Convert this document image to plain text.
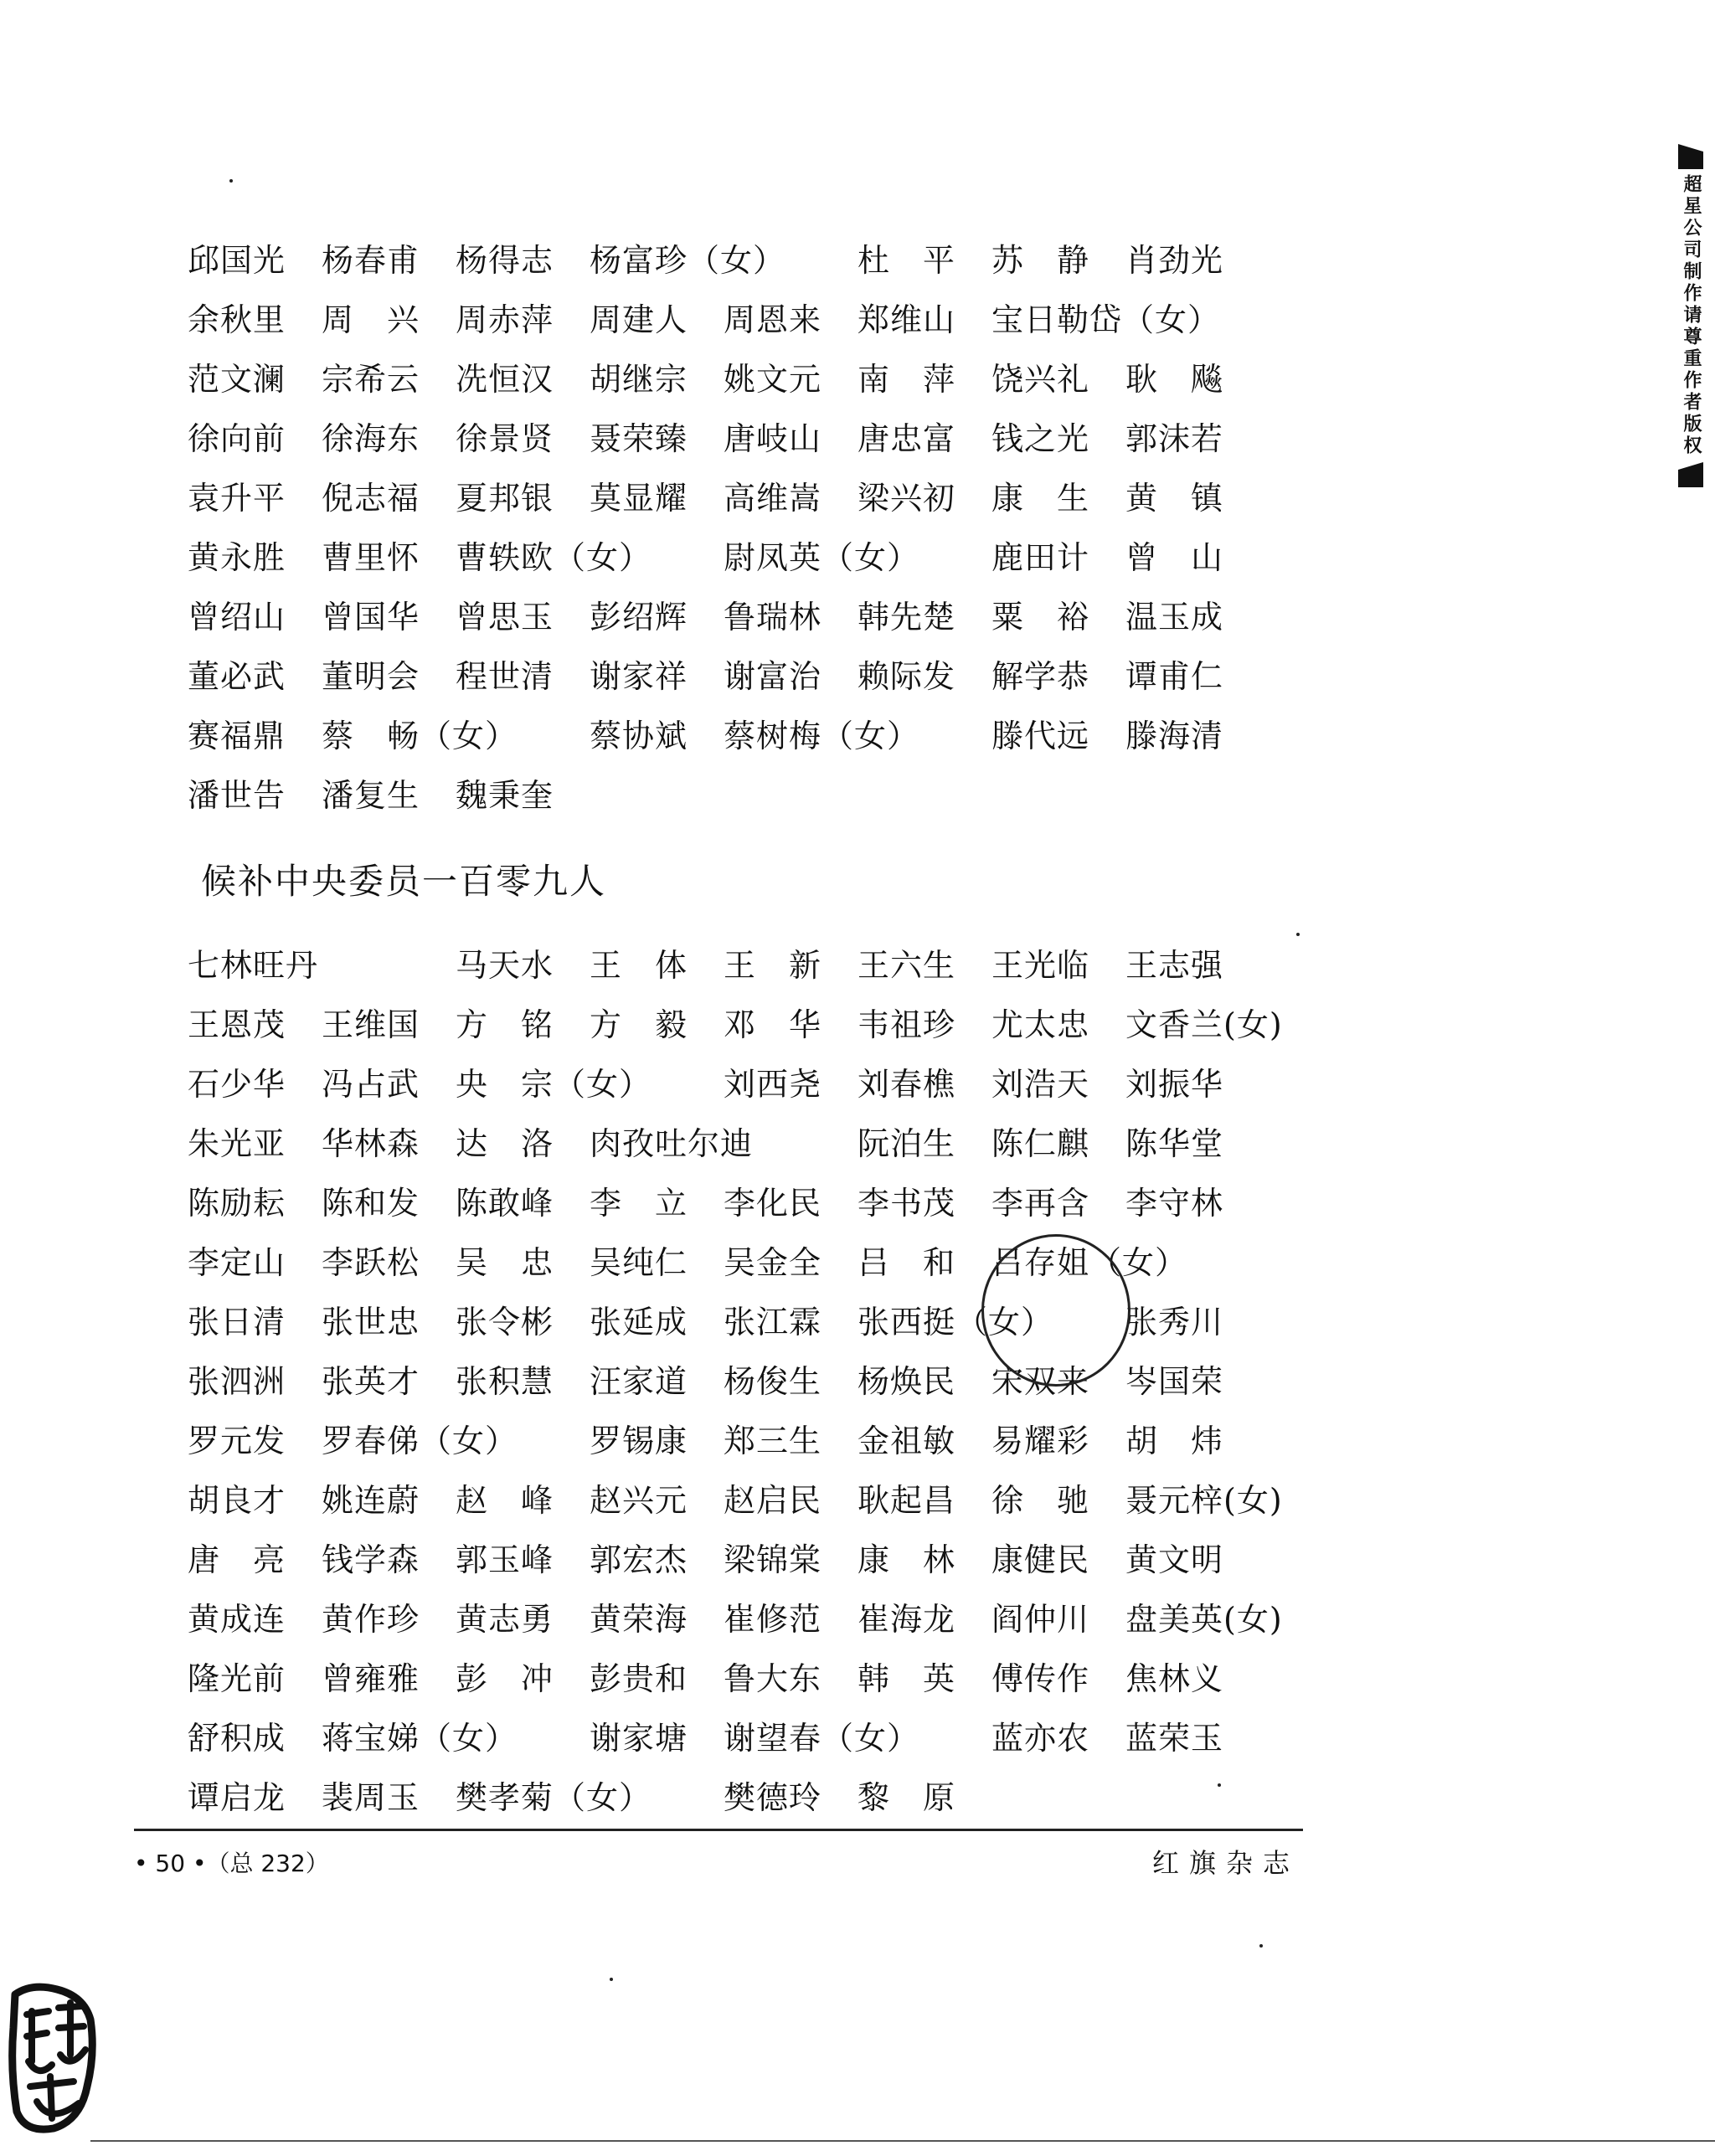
邱国光	杨春甫	杨得志	杨富珍（女）	杜　平	苏　静	肖劲光
余秋里	周　兴	周赤萍	周建人	周恩来	郑维山	宝日勒岱（女）
范文澜	宗希云	冼恒汉	胡继宗	姚文元	南　萍	饶兴礼	耿　飚
徐向前	徐海东	徐景贤	聂荣臻	唐岐山	唐忠富	钱之光	郭沫若
袁升平	倪志福	夏邦银	莫显耀	高维嵩	梁兴初	康　生	黄　镇
黄永胜	曹里怀	曹轶欧（女）	尉凤英（女）	鹿田计	曾　山
曾绍山	曾国华	曾思玉	彭绍辉	鲁瑞林	韩先楚	粟　裕	温玉成
董必武	董明会	程世清	谢家祥	谢富治	赖际发	解学恭	谭甫仁
赛福鼎	蔡　畅（女）	蔡协斌	蔡树梅（女）	滕代远	滕海清
潘世告	潘复生	魏秉奎
候补中央委员一百零九人
七林旺丹	马天水	王　体	王　新	王六生	王光临	王志强
王恩茂	王维国	方　铭	方　毅	邓　华	韦祖珍	尤太忠	文香兰(女)
石少华	冯占武	央　宗（女）	刘西尧	刘春樵	刘浩天	刘振华
朱光亚	华林森	达　洛	肉孜吐尔迪	阮泊生	陈仁麒	陈华堂
陈励耘	陈和发	陈敢峰	李　立	李化民	李书茂	李再含	李守林
李定山	李跃松	吴　忠	吴纯仁	吴金全	吕　和	吕存姐（女）
张日清	张世忠	张令彬	张延成	张江霖	张西挺（女）	张秀川
张泗洲	张英才	张积慧	汪家道	杨俊生	杨焕民	宋双来	岑国荣
罗元发	罗春俤（女）	罗锡康	郑三生	金祖敏	易耀彩	胡　炜
胡良才	姚连蔚	赵　峰	赵兴元	赵启民	耿起昌	徐　驰	聂元梓(女)
唐　亮	钱学森	郭玉峰	郭宏杰	梁锦棠	康　林	康健民	黄文明
黄成连	黄作珍	黄志勇	黄荣海	崔修范	崔海龙	阎仲川	盘美英(女)
隆光前	曾雍雅	彭　冲	彭贵和	鲁大东	韩　英	傅传作	焦林义
舒积成	蒋宝娣（女）	谢家塘	谢望春（女）	蓝亦农	蓝荣玉
谭启龙	裴周玉	樊孝菊（女）	樊德玲	黎　原
• 50 •（总 232）	红旗杂志
超星公司制作请尊重作者版权
